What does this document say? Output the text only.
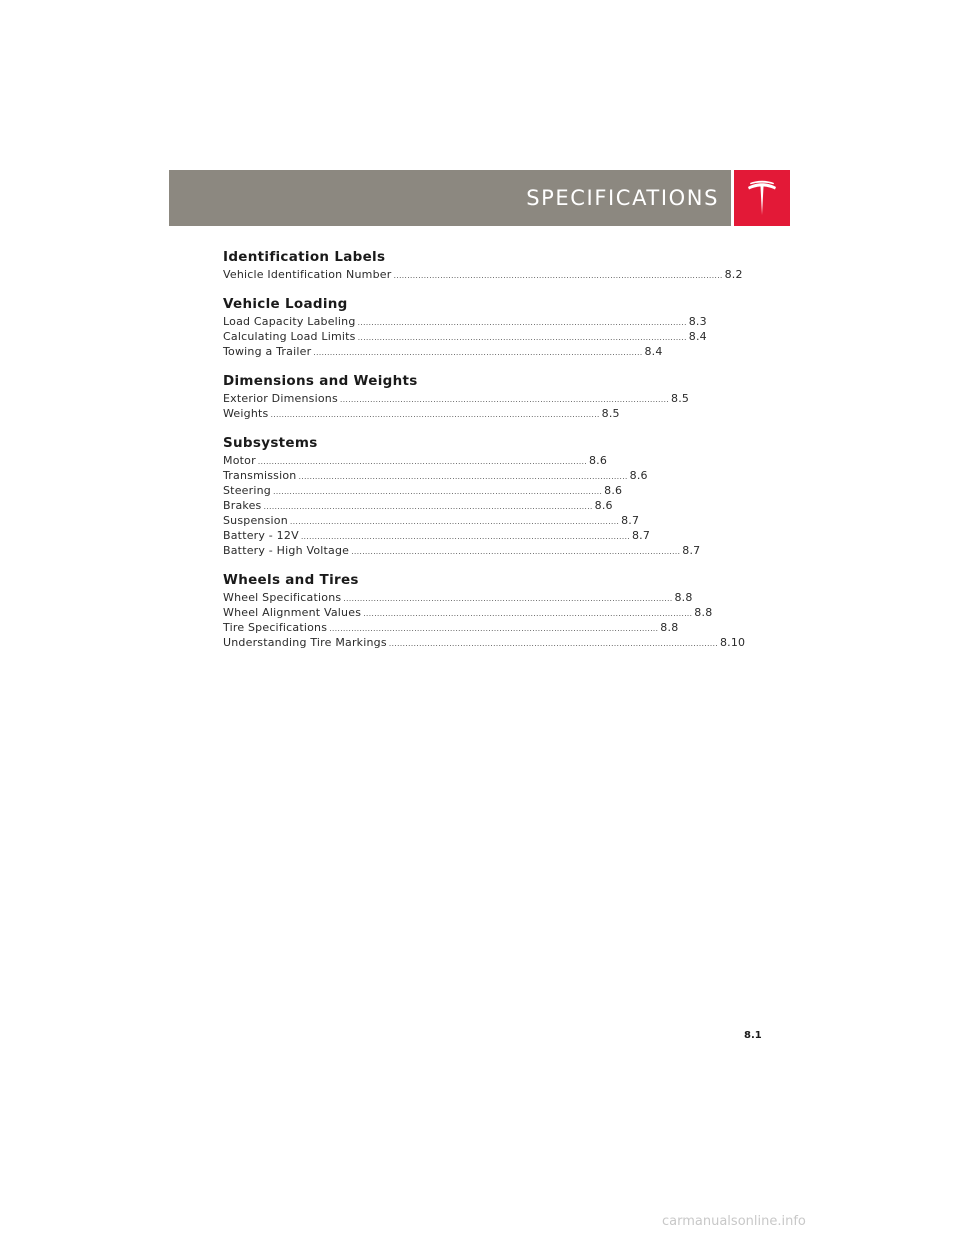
SPECIFICATIONS
Identification Labels
Vehicle Identification Number ........................................................................................................................ 8.2
Vehicle Loading
Load Capacity Labeling ........................................................................................................................ 8.3
Calculating Load Limits ........................................................................................................................ 8.4
Towing a Trailer ........................................................................................................................ 8.4
Dimensions and Weights
Exterior Dimensions ........................................................................................................................ 8.5
Weights ........................................................................................................................ 8.5
Subsystems
Motor ........................................................................................................................ 8.6
Transmission ........................................................................................................................ 8.6
Steering ........................................................................................................................ 8.6
Brakes ........................................................................................................................ 8.6
Suspension ........................................................................................................................ 8.7
Battery - 12V ........................................................................................................................ 8.7
Battery - High Voltage ........................................................................................................................ 8.7
Wheels and Tires
Wheel Specifications ........................................................................................................................ 8.8
Wheel Alignment Values ........................................................................................................................ 8.8
Tire Specifications ........................................................................................................................ 8.8
Understanding Tire Markings ........................................................................................................................ 8.10
8.1
carmanualsonline.info
